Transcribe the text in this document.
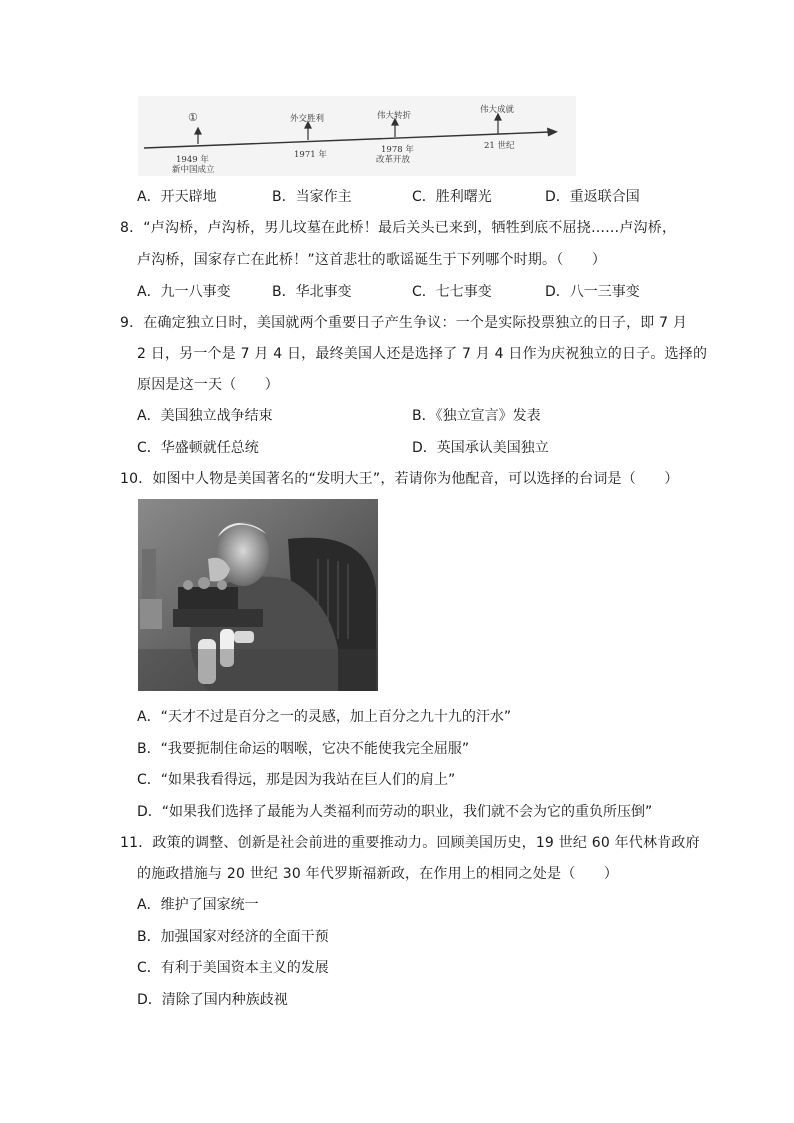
①
1949 年
新中国成立
外交胜利
1971 年
伟大转折
1978 年
改革开放
伟大成就
21 世纪
A．开天辟地	B．当家作主	C．胜利曙光	D．重返联合国
8．“卢沟桥，卢沟桥，男儿坟墓在此桥！最后关头已来到，牺牲到底不屈挠……卢沟桥，
卢沟桥，国家存亡在此桥！”这首悲壮的歌谣诞生于下列哪个时期。（　　）
A．九一八事变	B．华北事变	C．七七事变	D．八一三事变
9．在确定独立日时，美国就两个重要日子产生争议：一个是实际投票独立的日子，即 7 月
2 日，另一个是 7 月 4 日，最终美国人还是选择了 7 月 4 日作为庆祝独立的日子。选择的
原因是这一天（　　）
A．美国独立战争结束	B．《独立宣言》发表
C．华盛顿就任总统	D．英国承认美国独立
10．如图中人物是美国著名的“发明大王”，若请你为他配音，可以选择的台词是（　　）
A．“天才不过是百分之一的灵感，加上百分之九十九的汗水”
B．“我要扼制住命运的咽喉，它决不能使我完全屈服”
C．“如果我看得远，那是因为我站在巨人们的肩上”
D．“如果我们选择了最能为人类福利而劳动的职业，我们就不会为它的重负所压倒”
11．政策的调整、创新是社会前进的重要推动力。回顾美国历史，19 世纪 60 年代林肯政府
的施政措施与 20 世纪 30 年代罗斯福新政，在作用上的相同之处是（　　）
A．维护了国家统一
B．加强国家对经济的全面干预
C．有利于美国资本主义的发展
D．清除了国内种族歧视
